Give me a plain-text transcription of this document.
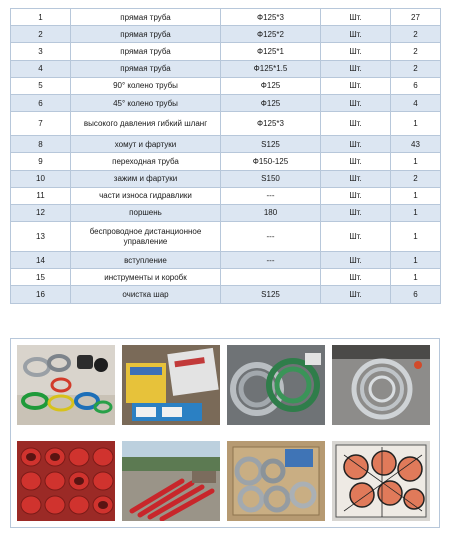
1	прямая труба	Ф125*3	Шт.	27
2	прямая труба	Ф125*2	Шт.	2
3	прямая труба	Ф125*1	Шт.	2
4	прямая труба	Ф125*1.5	Шт.	2
5	90° колено трубы	Ф125	Шт.	6
6	45° колено трубы	Ф125	Шт.	4
7	высокого давления гибкий шланг	Ф125*3	Шт.	1
8	хомут и фартуки	S125	Шт.	43
9	переходная труба	Ф150-125	Шт.	1
10	зажим и фартуки	S150	Шт.	2
11	части износа гидравлики	---	Шт.	1
12	поршень	180	Шт.	1
13	беспроводное дистанционное управление	---	Шт.	1
14	вступление	---	Шт.	1
15	инструменты и коробк		Шт.	1
16	очистка шар	S125	Шт.	6
